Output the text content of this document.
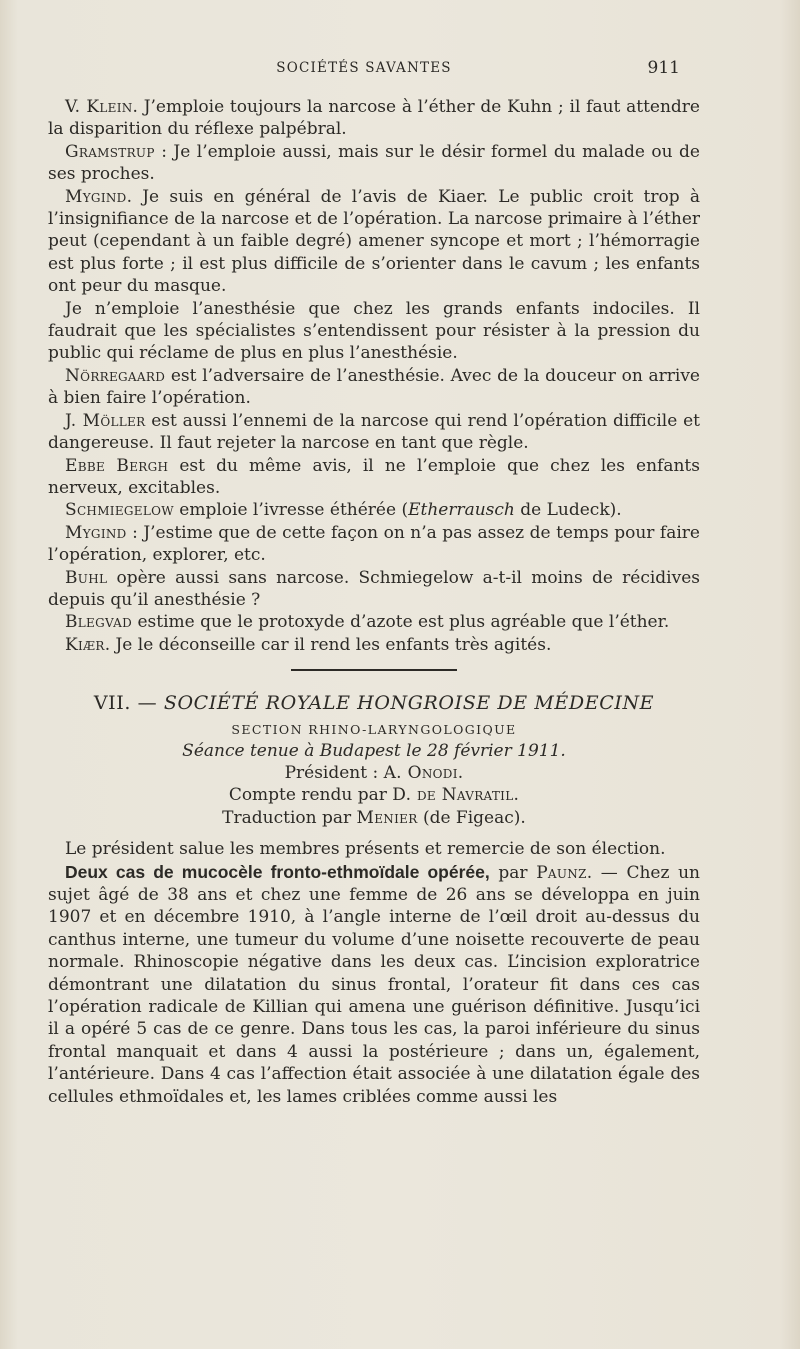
SOCIÉTÉS SAVANTES	911

V. Klein. J’emploie toujours la narcose à l’éther de Kuhn ; il faut attendre la disparition du réflexe palpébral.

Gramstrup : Je l’emploie aussi, mais sur le désir formel du malade ou de ses proches.

Mygind. Je suis en général de l’avis de Kiaer. Le public croit trop à l’insignifiance de la narcose et de l’opération. La narcose primaire à l’éther peut (cependant à un faible degré) amener syncope et mort ; l’hémorragie est plus forte ; il est plus difficile de s’orienter dans le cavum ; les enfants ont peur du masque.

Je n’emploie l’anesthésie que chez les grands enfants indociles. Il faudrait que les spécialistes s’entendissent pour résister à la pression du public qui réclame de plus en plus l’anesthésie.

Nörregaard est l’adversaire de l’anesthésie. Avec de la douceur on arrive à bien faire l’opération.

J. Möller est aussi l’ennemi de la narcose qui rend l’opération difficile et dangereuse. Il faut rejeter la narcose en tant que règle.

Ebbe Bergh est du même avis, il ne l’emploie que chez les enfants nerveux, excitables.

Schmiegelow emploie l’ivresse éthérée (Etherrausch de Ludeck).

Mygind : J’estime que de cette façon on n’a pas assez de temps pour faire l’opération, explorer, etc.

Buhl opère aussi sans narcose. Schmiegelow a-t-il moins de récidives depuis qu’il anesthésie ?

Blegvad estime que le protoxyde d’azote est plus agréable que l’éther.

Kiær. Je le déconseille car il rend les enfants très agités.

VII. — SOCIÉTÉ ROYALE HONGROISE DE MÉDECINE

SECTION RHINO-LARYNGOLOGIQUE

Séance tenue à Budapest le 28 février 1911.

Président : A. Onodi.

Compte rendu par D. de Navratil.

Traduction par Menier (de Figeac).

Le président salue les membres présents et remercie de son élection.

Deux cas de mucocèle fronto-ethmoïdale opérée, par Paunz. — Chez un sujet âgé de 38 ans et chez une femme de 26 ans se développa en juin 1907 et en décembre 1910, à l’angle interne de l’œil droit au-dessus du canthus interne, une tumeur du volume d’une noisette recouverte de peau normale. Rhinoscopie négative dans les deux cas. L’incision exploratrice démontrant une dilatation du sinus frontal, l’orateur fit dans ces cas l’opération radicale de Killian qui amena une guérison définitive. Jusqu’ici il a opéré 5 cas de ce genre. Dans tous les cas, la paroi inférieure du sinus frontal manquait et dans 4 aussi la postérieure ; dans un, également, l’antérieure. Dans 4 cas l’affection était associée à une dilatation égale des cellules ethmoïdales et, les lames criblées comme aussi les
